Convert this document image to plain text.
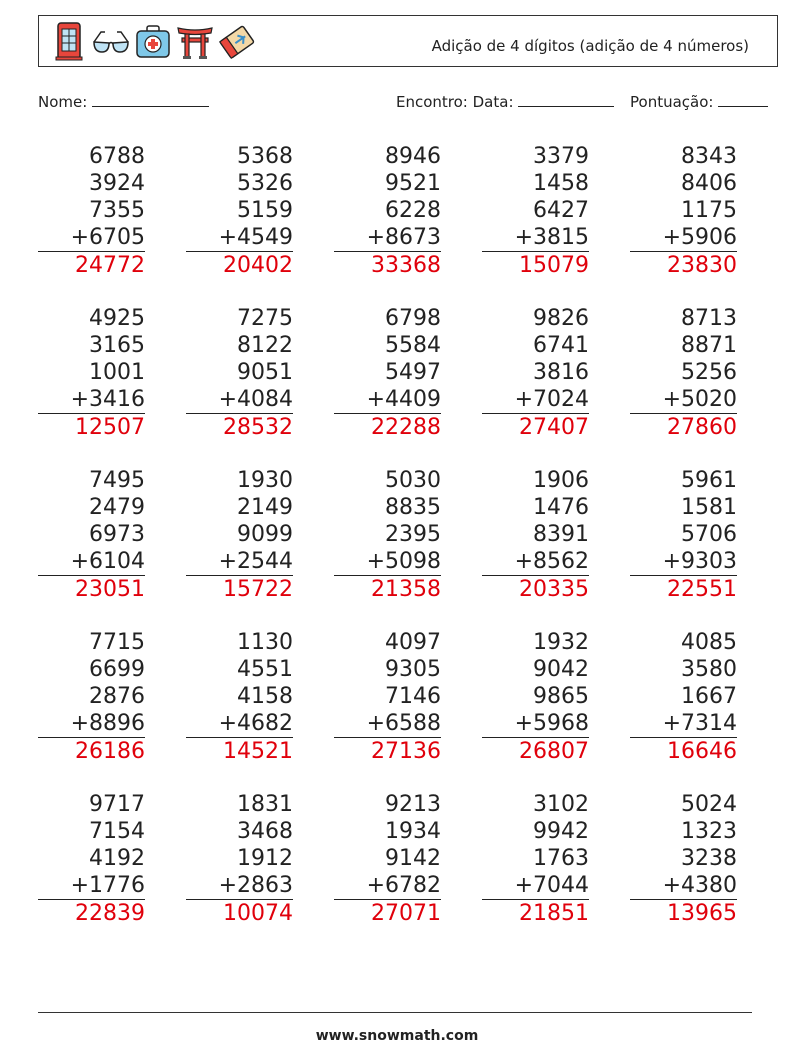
Adição de 4 dígitos (adição de 4 números)
Nome:	Encontro: Data:	Pontuação:
6788
3924
7355
+6705
24772
5368
5326
5159
+4549
20402
8946
9521
6228
+8673
33368
3379
1458
6427
+3815
15079
8343
8406
1175
+5906
23830
4925
3165
1001
+3416
12507
7275
8122
9051
+4084
28532
6798
5584
5497
+4409
22288
9826
6741
3816
+7024
27407
8713
8871
5256
+5020
27860
7495
2479
6973
+6104
23051
1930
2149
9099
+2544
15722
5030
8835
2395
+5098
21358
1906
1476
8391
+8562
20335
5961
1581
5706
+9303
22551
7715
6699
2876
+8896
26186
1130
4551
4158
+4682
14521
4097
9305
7146
+6588
27136
1932
9042
9865
+5968
26807
4085
3580
1667
+7314
16646
9717
7154
4192
+1776
22839
1831
3468
1912
+2863
10074
9213
1934
9142
+6782
27071
3102
9942
1763
+7044
21851
5024
1323
3238
+4380
13965
www.snowmath.com
